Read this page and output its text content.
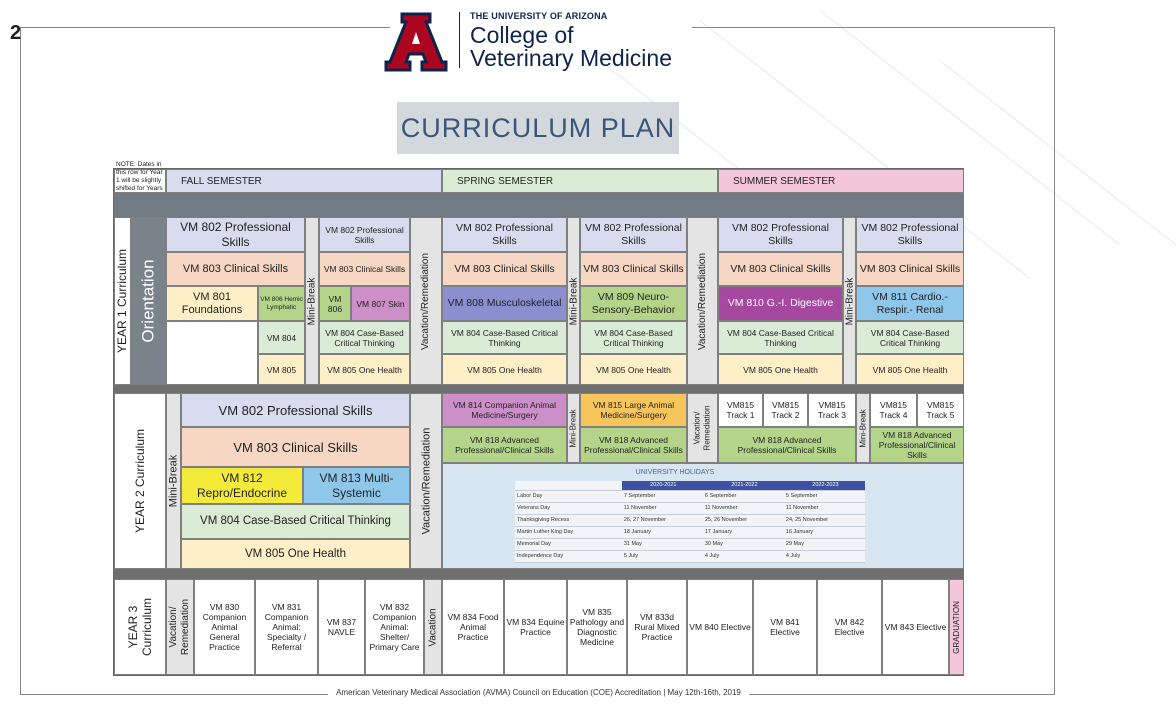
2
THE UNIVERSITY OF ARIZONA
College of
Veterinary Medicine
CURRICULUM PLAN
NOTE: Dates in this row for Year 1 will be slightly shifted for Years
FALL SEMESTER	SPRING SEMESTER	SUMMER SEMESTER
YEAR 1 Curriculum Orientation
VM 802 Professional Skills
VM 803 Clinical Skills
VM 801 Foundations
VM 806 Hemic Lymphatic
VM 804
VM 805
Mini-Break
VM 802 Professional Skills
VM 803 Clinical Skills
VM 806	VM 807 Skin
VM 804 Case-Based Critical Thinking
VM 805 One Health
Vacation/Remediation
VM 802 Professional Skills
VM 803 Clinical Skills
VM 808 Musculoskeletal
VM 804 Case-Based Critical Thinking
VM 805 One Health
Mini-Break
VM 802 Professional Skills
VM 803 Clinical Skills
VM 809 Neuro-Sensory-Behavior
VM 804 Case-Based Critical Thinking
VM 805 One Health
Vacation/Remediation
VM 802 Professional Skills
VM 803 Clinical Skills
VM 810 G.-I. Digestive
VM 804 Case-Based Critical Thinking
VM 805 One Health
Mini-Break
VM 802 Professional Skills
VM 803 Clinical Skills
VM 811 Cardio.-Respir.- Renal
VM 804 Case-Based Critical Thinking
VM 805 One Health
YEAR 2 Curriculum Mini-Break
VM 802 Professional Skills
VM 803 Clinical Skills
VM 812 Repro/Endocrine
VM 813 Multi-Systemic
VM 804 Case-Based Critical Thinking
VM 805 One Health
Vacation/Remediation
VM 814 Companion Animal Medicine/Surgery
VM 818 Advanced Professional/Clinical Skills
Mini-Break
VM 815 Large Animal Medicine/Surgery
VM 818 Advanced Professional/Clinical Skills
Vacation/ Remediation
VM815 Track 1
VM815 Track 2
VM815 Track 3
VM 818 Advanced Professional/Clinical Skills
Mini-Break
VM815 Track 4
VM815 Track 5
VM 818 Advanced Professional/Clinical Skills
YEAR 3 Curriculum Vacation/ Remediation	VM 830 Companion Animal General Practice
VM 831 Companion Animal: Specialty / Referral
VM 837 NAVLE
VM 832 Companion Animal: Shelter/ Primary Care
Vacation	VM 834 Food Animal Practice
VM 834 Equine Practice
VM 835 Pathology and Diagnostic Medicine
VM 833d Rural Mixed Practice
VM 840 Elective	VM 841 Elective
VM 842 Elective	VM 843 Elective GRADUATION
UNIVERSITY HOLIDAYS
	2020-2021	2021-2022	2022-2023
Labor Day	7 September	6 September	5 September
Veterans Day	11 November	11 November	11 November
Thanksgiving Recess	26, 27 November	25, 26 November	24, 25 November
Martin Luther King Day	18 January	17 January	16 January
Memorial Day	31 May	30 May	29 May
Independence Day	5 July	4 July	4 July
American Veterinary Medical Association (AVMA) Council on Education (COE) Accreditation | May 12th-16th, 2019
